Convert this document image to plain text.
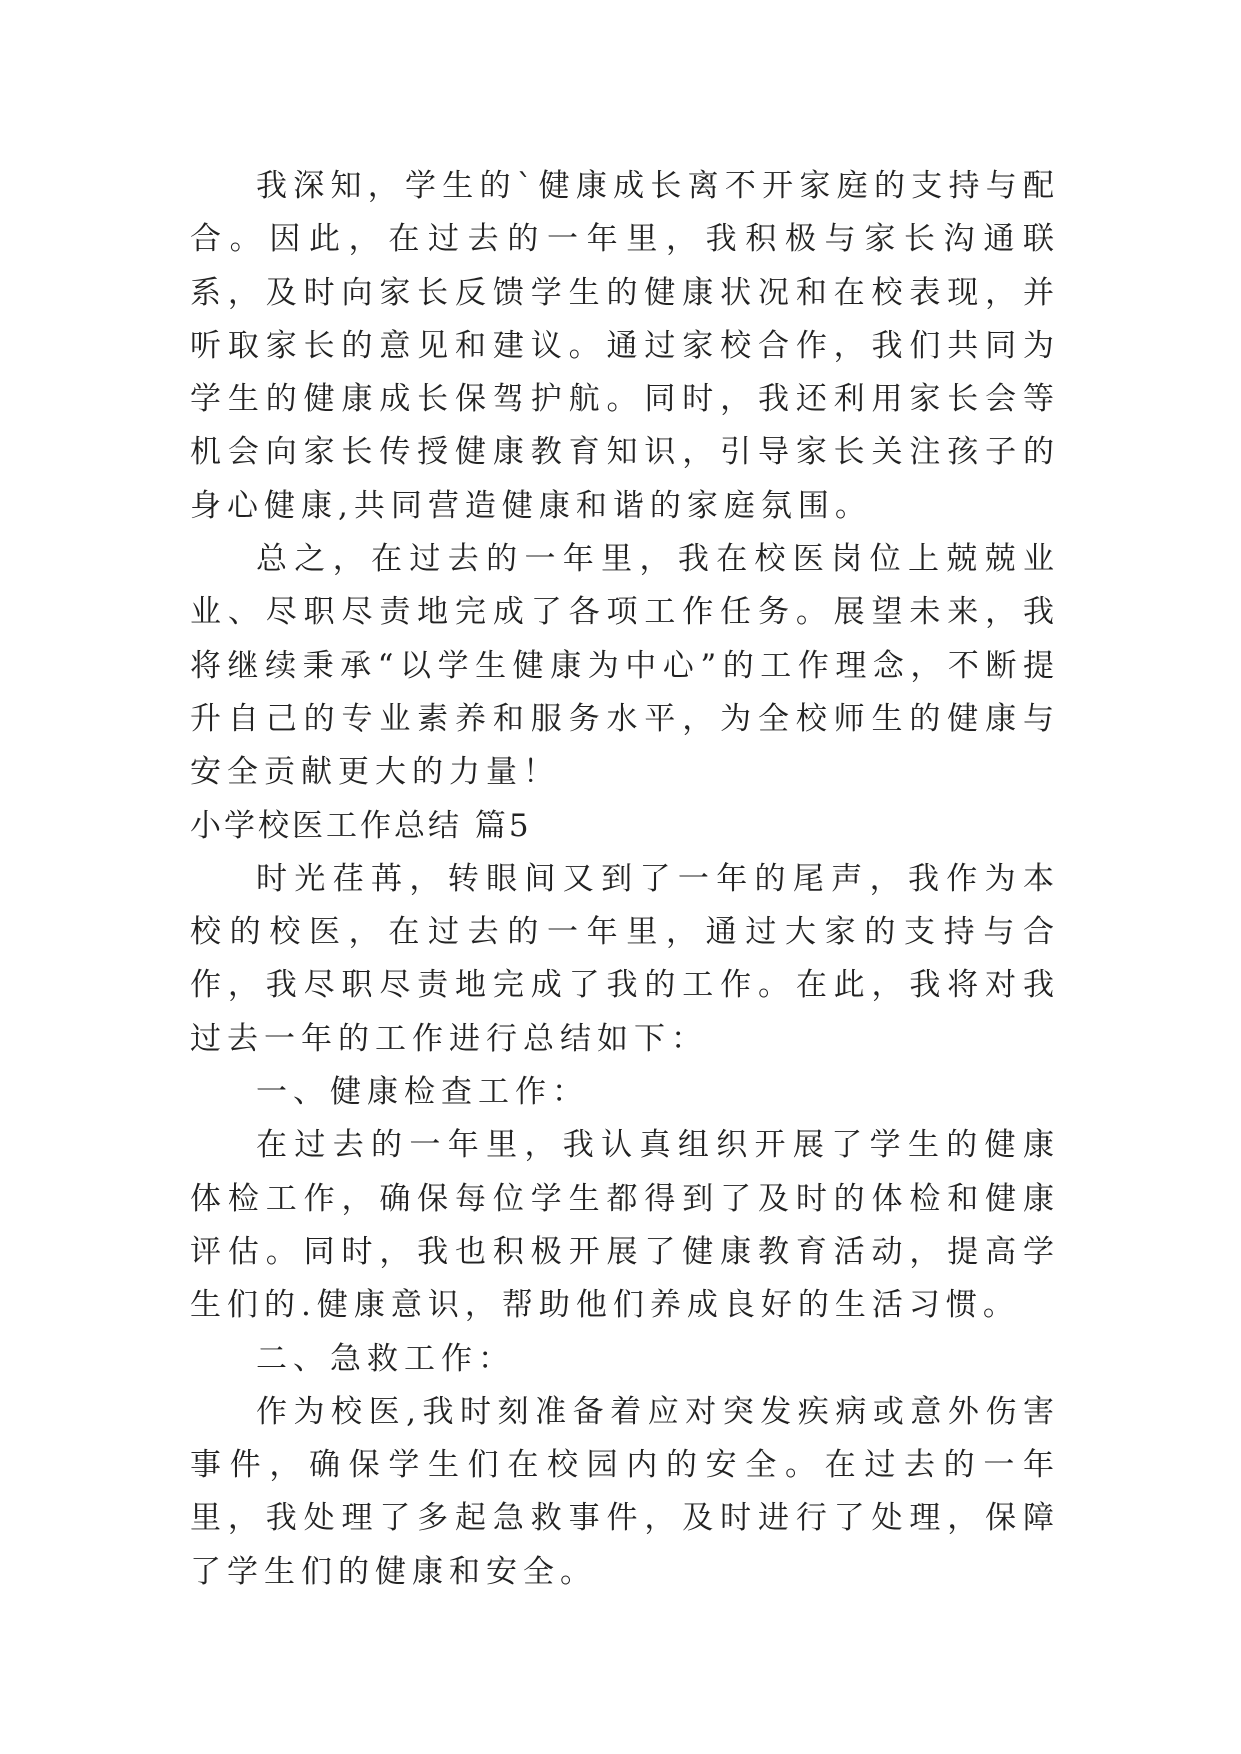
我深知，学生的`健康成长离不开家庭的支持与配合。因此，在过去的一年里，我积极与家长沟通联系，及时向家长反馈学生的健康状况和在校表现，并听取家长的意见和建议。通过家校合作，我们共同为学生的健康成长保驾护航。同时，我还利用家长会等机会向家长传授健康教育知识，引导家长关注孩子的身心健康,共同营造健康和谐的家庭氛围。

总之，在过去的一年里，我在校医岗位上兢兢业业、尽职尽责地完成了各项工作任务。展望未来，我将继续秉承“以学生健康为中心”的工作理念，不断提升自己的专业素养和服务水平，为全校师生的健康与安全贡献更大的力量！

小学校医工作总结 篇5

时光荏苒，转眼间又到了一年的尾声，我作为本校的校医，在过去的一年里，通过大家的支持与合作，我尽职尽责地完成了我的工作。在此，我将对我过去一年的工作进行总结如下：

一、健康检查工作：

在过去的一年里，我认真组织开展了学生的健康体检工作，确保每位学生都得到了及时的体检和健康评估。同时，我也积极开展了健康教育活动，提高学生们的.健康意识，帮助他们养成良好的生活习惯。

二、急救工作：

作为校医,我时刻准备着应对突发疾病或意外伤害事件，确保学生们在校园内的安全。在过去的一年里，我处理了多起急救事件，及时进行了处理，保障了学生们的健康和安全。
